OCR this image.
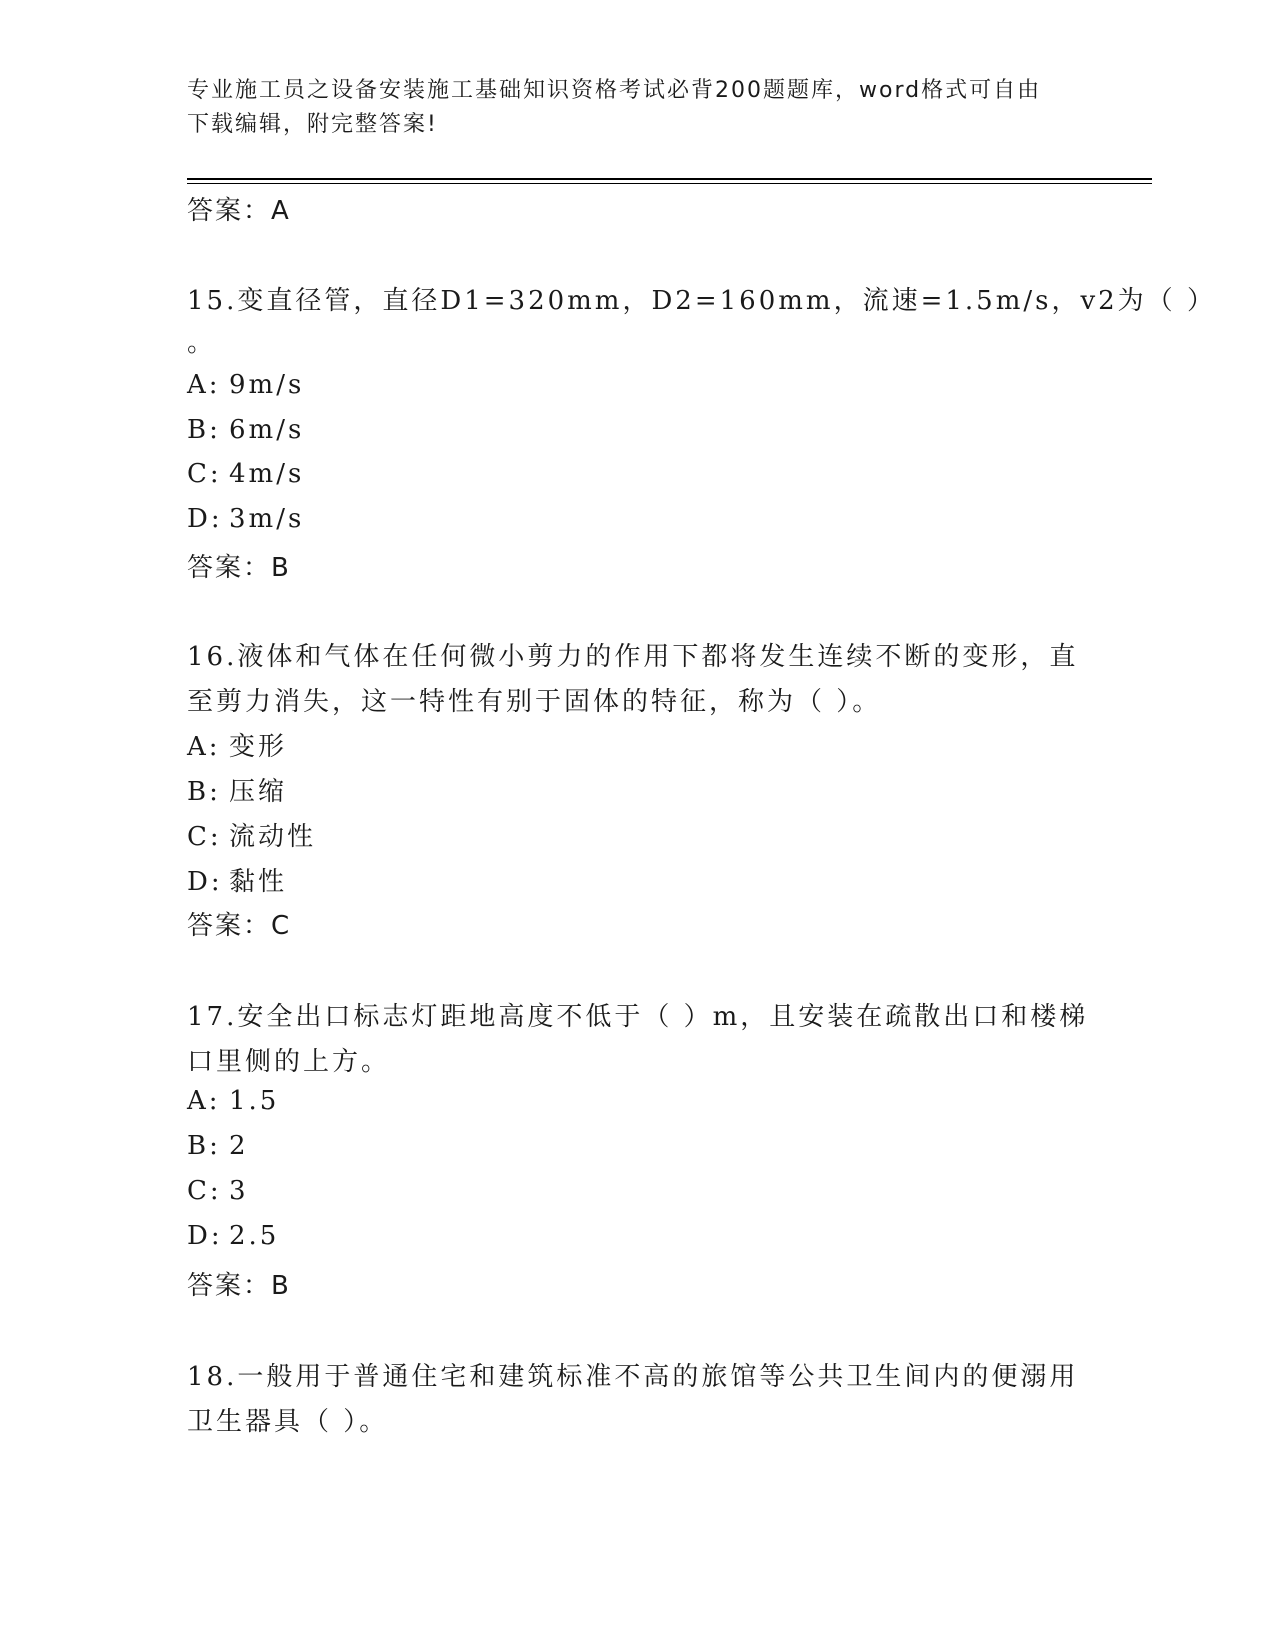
专业施工员之设备安装施工基础知识资格考试必背200题题库，word格式可自由
下载编辑，附完整答案!
答案：A
15.变直径管，直径D1=320mm，D2=160mm，流速=1.5m/s，v2为（ ）
。
A: 9m/s
B: 6m/s
C: 4m/s
D: 3m/s
答案：B
16.液体和气体在任何微小剪力的作用下都将发生连续不断的变形，直
至剪力消失，这一特性有别于固体的特征，称为（ ）。
A: 变形
B: 压缩
C: 流动性
D: 黏性
答案：C
17.安全出口标志灯距地高度不低于（ ）m，且安装在疏散出口和楼梯
口里侧的上方。
A: 1.5
B: 2
C: 3
D: 2.5
答案：B
18.一般用于普通住宅和建筑标准不高的旅馆等公共卫生间内的便溺用
卫生器具（ ）。
